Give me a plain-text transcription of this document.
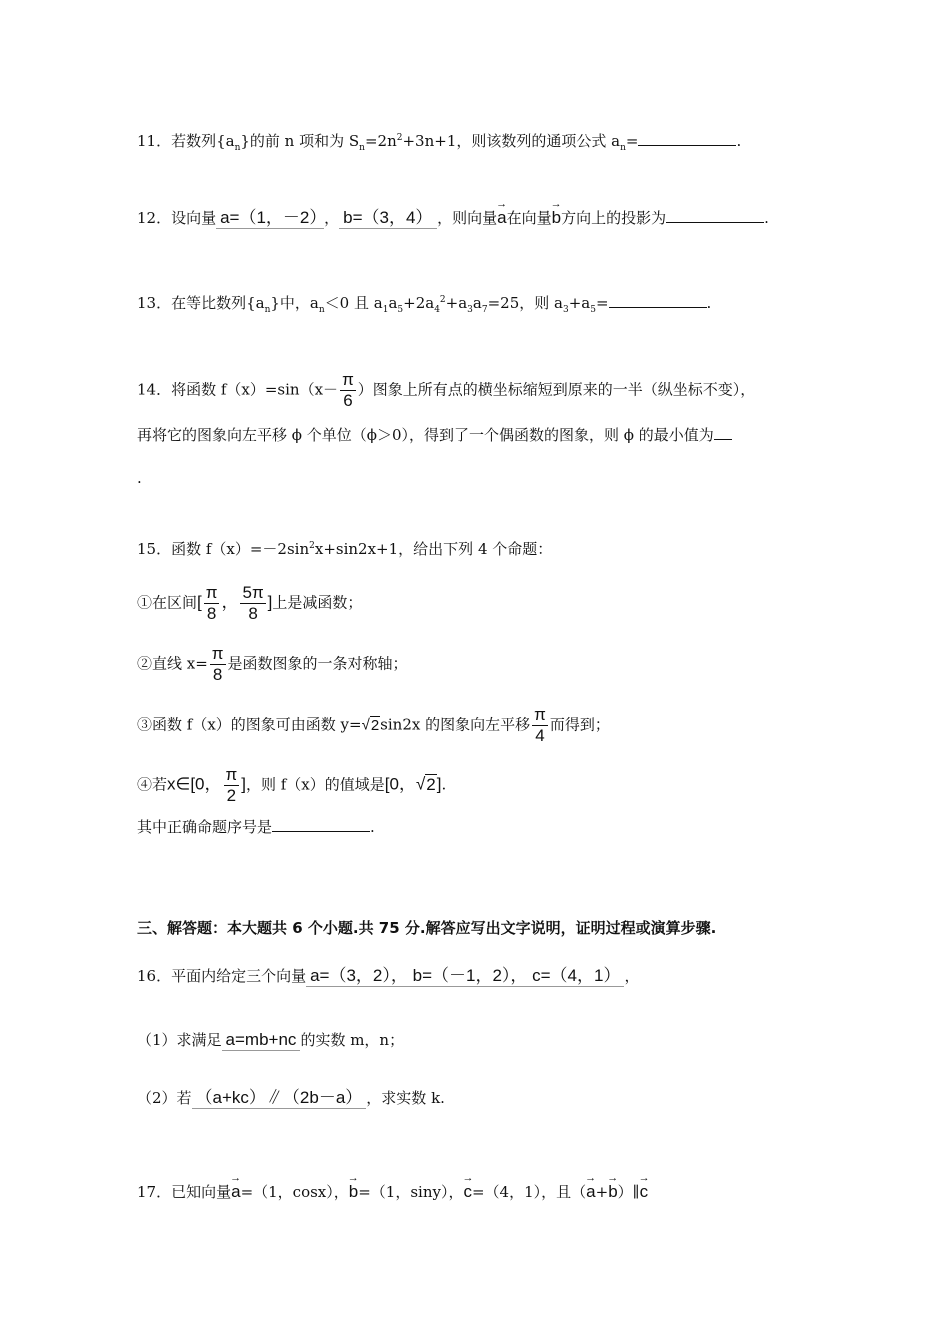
11．若数列$\{a_n\}$的前 n 项和为 $S_n=2n^2+3n+1$，则该数列的通项公式 $a_n=$	.
12．设向量 a=（1，－2）， b=（3，4） ，则向量→ a在向量→ b方向上的投影为	.
13．在等比数列$\{a_n\}$中，$a_n<0$ 且 $a_1a_5+2a_4^2+a_3a_7=25$，则 $a_3+a_5=$	.
14．将函数 $f(x)=\sin(x- \frac{\pi}{6}$ ）图象上所有点的横坐标缩短到原来的一半（纵坐标不变），
再将它的图象向左平移 ϕ 个单位（ϕ＞0），得到了一个偶函数的图象，则 ϕ 的最小值为
.
15．函数 $f(x)=-2\sin^2x+\sin 2x+1$，给出下列 4 个命题：
①在区间[ $\frac{\pi}{8}$ ， $\frac{5\pi}{8}$ ]上是减函数；
②直线 $x= \frac{\pi}{8}$ 是函数图象的一条对称轴；
③函数 f（x）的图象可由函数 y=√2sin2x 的图象向左平移 $\frac{\pi}{4}$ 而得到；
④若x∈[0， $\frac{\pi}{2}$ ]，则 f（x）的值域是[0，√2].
其中正确命题序号是	.
三、解答题：本大题共 6 个小题.共 75 分.解答应写出文字说明，证明过程或演算步骤.
16．平面内给定三个向量 a=（3，2）， b=（－1，2）， c=（4，1） ，
（1）求满足 a=mb+nc 的实数 m，n；
（2）若 （a+kc）∥（2b－a） ，求实数 k.
17．已知向量→ a=（1，cosx），→ b=（1，siny），→ c=（4，1），且（→ a+→ b）∥→ c
